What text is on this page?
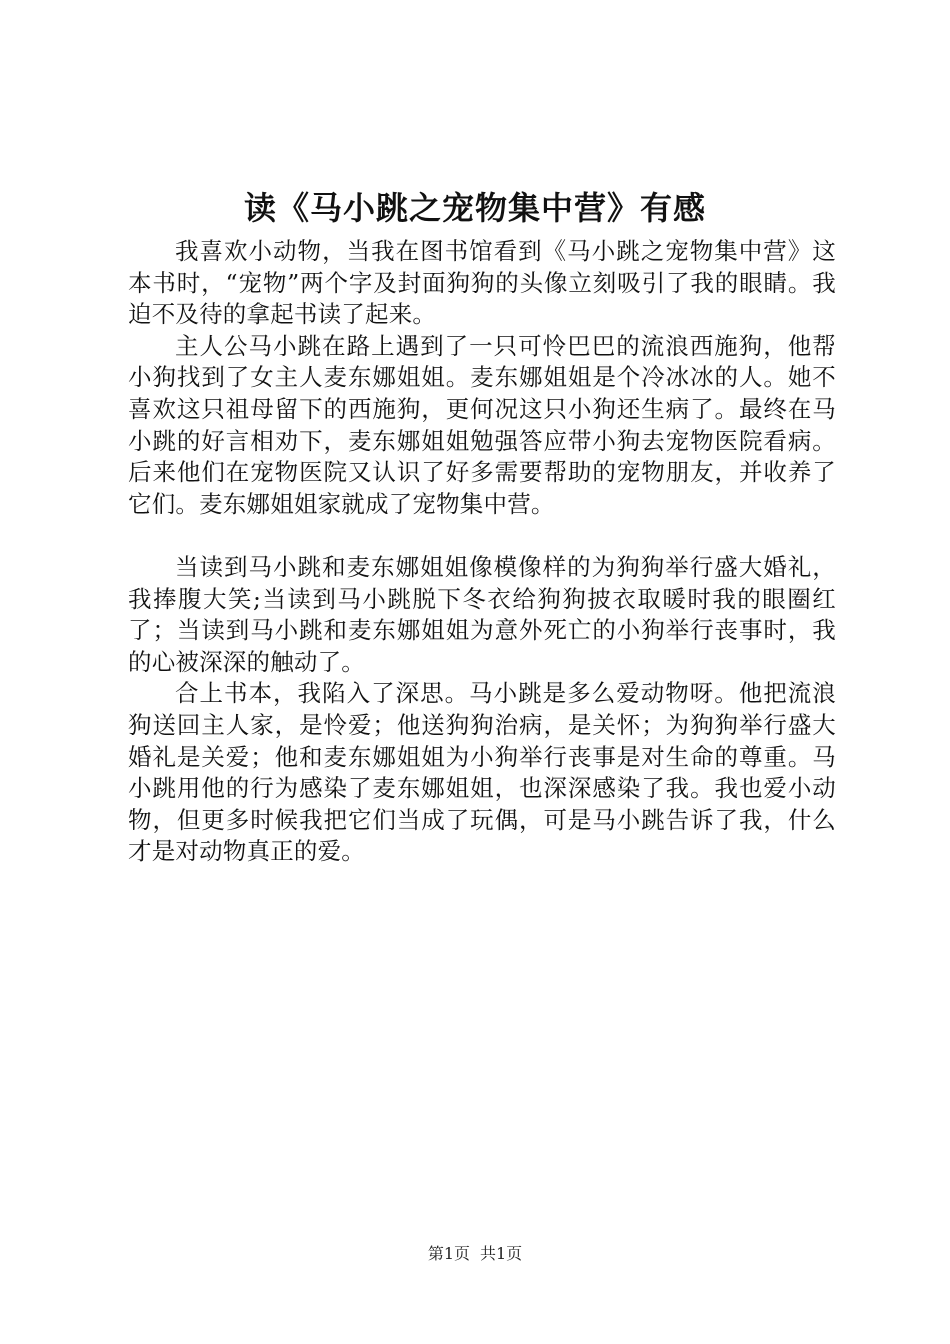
读《马小跳之宠物集中营》有感

我喜欢小动物，当我在图书馆看到《马小跳之宠物集中营》这本书时，“宠物”两个字及封面狗狗的头像立刻吸引了我的眼睛。我迫不及待的拿起书读了起来。

主人公马小跳在路上遇到了一只可怜巴巴的流浪西施狗，他帮小狗找到了女主人麦东娜姐姐。麦东娜姐姐是个冷冰冰的人。她不喜欢这只祖母留下的西施狗，更何况这只小狗还生病了。最终在马小跳的好言相劝下，麦东娜姐姐勉强答应带小狗去宠物医院看病。后来他们在宠物医院又认识了好多需要帮助的宠物朋友，并收养了它们。麦东娜姐姐家就成了宠物集中营。

当读到马小跳和麦东娜姐姐像模像样的为狗狗举行盛大婚礼，我捧腹大笑;当读到马小跳脱下冬衣给狗狗披衣取暖时我的眼圈红了；当读到马小跳和麦东娜姐姐为意外死亡的小狗举行丧事时，我的心被深深的触动了。

合上书本，我陷入了深思。马小跳是多么爱动物呀。他把流浪狗送回主人家，是怜爱；他送狗狗治病，是关怀；为狗狗举行盛大婚礼是关爱；他和麦东娜姐姐为小狗举行丧事是对生命的尊重。马小跳用他的行为感染了麦东娜姐姐，也深深感染了我。我也爱小动物，但更多时候我把它们当成了玩偶，可是马小跳告诉了我，什么才是对动物真正的爱。

第1页 共1页
